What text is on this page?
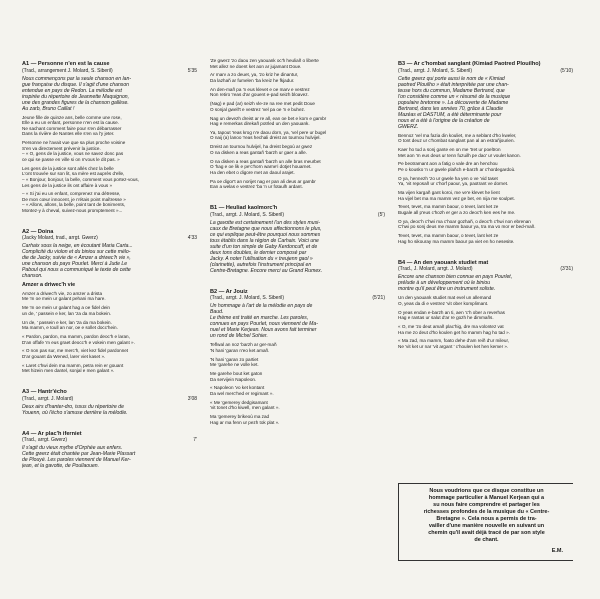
A1 — Personne n'en est la cause
5'35
(Trad., arrangement J. Molard, S. Siberil)
Nous commençons par la seule chanson en lan-
gue française du disque. Il s'agit d'une chanson
entendue en pays de Redon. La mélodie est
inspirée du répertoire de Jeannette Maquignon,
une des grandes figures de la chanson gallèse.
Au zarb, Bruno Caillat !
Jeune fille de quinze ans, belle comme une rose,
Elle a eu un enfant, personne n'en est la cause.
Ne sachant comment faire pour s'en débarrasser
Dans la rivière de Nantes elle s'en va l'y jeter.
Personne ne l'avait vue que sa plus proche voisine
S'en va directement prévenir la justice.
– « O, gens de la justice, vous ne savez donc pas
ce qui se passe en ville si on n'vous le dit pas. »
Les gens de la justice sont allés chez la belle
L'ont trouvée sur son lit, sa mère est auprès d'elle,
– « Bonjour, bonjour, la belle, comment vous portez-vous,
Les gens de la justice ils ont affaire à vous »
– « Si j'ai eu un enfant, comprenez ma détresse,
De mon cœur innocent, je n'étais point maîtresse »
– « Allons, allons, la belle, point tant de boniments,
Montez-y à cheval, suivez-nous promptement »...
A2 — Doina
4'33
(Jacky Molard, trad., arrgt. Gwerz)
Carhaix sous la neige, en écoutant Maria Carta...
Complicité du violon et du biniou sur cette mélo-
die de Jacky, suivie de « Amzer a driwec'h vie »,
une chanson du pays Pourlet. Merci à Jude Le
Paboul qui nous a communiqué le texte de cette
chanson.
Amzer a driwec'h vie
Amzer a driwec'h vie, zo amzer a drista
Me 'm oe mein ur galant pehani ma hare.
Me 'm oe mein ur galant hag a oe fidel dein
un de, ' passein e ker, lan 'za da ma bokein.
Un de, ' passein e ker, lan 'za da ma bokein.
Ma mamm, e toull an nor, oe e sollet docc'hein.
« Pardon, pardon, ma mamm, pardon deoc'h e laran,
D'an offafe 'm eus graet deocc'h e vokein men galant ».
« O non pas sur, me merc'h, viet kez fidel pardonnet
D'ar gouant da Wened, larer viet kaset ».
« Laret c'hwi dein ma mamm, petra rein er gouant
Met hizein men dantel, sonjal e men galant ».
A3 — Hantr'écho
3'08
(Trad., arrgt. J. Molard)
Deux airs d'hanter-dro, issus du répertoire de
Youenn, où l'écho s'amuse derrière la mélodie.
A4 — Ar plac'h iferniet
7'
(Trad., arrgt. Gwerz)
Il s'agit du vieux mythe d'Orphée aux enfers.
Cette gwerz était chantée par Jean-Marie Plassart
de Plouyé. Les paroles viennent de Manuel Ker-
jean, et la gavotte, de Poullaouen.
'Ze gwerz 'zo daou zen yaouank oc'h heuliañ o liberte
Met allez ne doent ket aon ar jujamant Doue.
Ar marv a zo deuet, ya, 'zo kriz he dinantur,
Da lazhañ ar fumelen 'ba kreiz he fkjadur.
An den-mañ pa 'n eus klevet e oe marv e vestrez
Non retiro 'reas d'ar gouent e-pad seizh bloavez.
(Nag) e pad (ar) seizh vle-ze na ree met pedit Doue
O sonjal gwell't e vestrez 'vel pa oe 'n e buhez.
Nag un devezh dreist ar re all, ean oe bet e kom e gambr
Hag e remerkas direkañ potrled un den yaouank.
Ya, tapout 'reas krog n'e daou dorn, ya, 'vel pere ur bugel
O naij (a) lanoo 'reas hechali dreist an tournou hulvijel.
Dreist an tournou hulvijel, ha dreist begoù ar gwez
O na disken a reas gantañ 'barzh ur gaer a alle.
O na disken a reas gantañ 'barzh un alle bras meurbet
O 'hag e oe lik e pe'c'horn warne'i dotjet houarnet.
Ha den ebet o digore met an daoul arajet.
Pa oe digor't an norijet nag er pan ali deus ar gambr
Ean a welas e vestrez 'ba 'n ur fotaulh ardant.
B1 — Heuliad kaolmorc'h
(5')
(Trad., arrgt. J. Molard, S. Siberil)
La gavotte est certainement l'un des styles musi-
caux de Bretagne que nous affectionnons le plus,
ce qui explique peut-être pourquoi nous sommes
tous établis dans la région de Carhaix. Voici une
suite d'un ton simple de Gaby Kerdoncuff, et de
deux tons doubles, le dernier composé par
Jacky. A noter l'utilisation du « treujenn gaol »
(clarinette), autrefois l'instrument principal en
Centre-Bretagne. Encore merci au Grand Rumex.
B2 — Ar Jouiz
(5'21)
(Trad., arrgt. J. Molard, S. Siberil)
Un hommage à l'art de la mélodie en pays de
Baud.
Le thème est traité en marche. Les paroles,
connues en pays Pourlet, nous viennent de Ma-
nuel et Marie Kerjean. Nous avons fait terminer
un rond de Michel Sohier.
Teflwal an noz 'barzh ar ger-mañ
'N hani 'garan n'eo ket amañ.
'N hani 'garan zo partiet
Me 'garehe ne volle ket.
Me garehe bout ket gaton
Da servijein Napoleon.
« Napoleon 'vo ket kontant
Da wel merc'hed er regimant ».
« Me 'gemerey dedgisamant
'vit tonet d'ho kiwell, men galant ».
Ma 'gemerey brikeoù ma zad
Hag ar ma fenn ur pezh tok plat ».
B3 — Ar c'hombat sanglant (Kimiad Paotred Plouilho)
(5'10)
(Trad., arrgt. J. Molard, S. Siberil)
Cette gwerz qui porte aussi le nom de « Kimiad
paotred Plouilho » était interprétée par une chan-
teuse hors du commun, Madame Bertrand, que
l'on considère comme un « résumé de la musique
populaire bretonne ». La découverte de Madame
Bertrand, dans les années 70, grâce à Claudie
Mazéas et DASTUM, a été déterminante pour
nous et a été à l'origine de la création de
GWERZ.
Bennoz 'vel ma fazia din kouliet, me a seblant d'ho kweler,
O tont deuz ur c'hombat sanglant pan al an estrañjourien.
Kaer ho tud a sonj gante en on me 'tret ur poeltron
Met aon 'm eus deus ur tenn fuzuilh pe dao' ur voulet kanon.
Pe beotramant aon a fatig o vale dre an henchou
Pe o kousko 'n ur gwele plañch e-barzh ar c'hordegardoù.
O ya, hennezh 'zo ur gwele ha yen o ve 'vid taset
Ya, 'vit reposañ ur c'horf paour, ya, paotrant ve dornet.
Ma vijen kargañ gant koroi, me ve'e klevet he lient
Ha vijel bet ma ma mamm vez ge bet, en nija me soulpet.
Tevet, tevet, ma mamm baour, o tevet, lant ket ze
Bugale all p'eus c'hozh er ger a zo deoc'h ken ees he me.
O ya, deoc'h c'hwi ma c'hoar gozhañ, o deoc'h c'hwi non ebrenan
C'hwi po sonj deus me mamm baour ya, tra ma vo mor er bed-mañ.
Tevet, tevet, ma mamm baour, o tevet, lant ket ze
Hag ho sikouray ma mamm baour pa viet en ho nesesite.
B4 — An den yaouank studiet mat
(3'31)
(Trad., J. Molard, arrgt. J. Molard)
Encore une chanson bien connue en pays Pourlet,
prélude à un développement où le biniou
montre qu'il peut être un instrument soliste.
Un den yaouank studiet mat evel un allemand
O, yeas da di e vestrez 'vit ober komplimant.
O yeas endan e-barzh an ti, aen 'c'h ober a reverhas
Hag e rantas ur salut d'ar re gozh he dimmañs.
« O, me 'zo deut amañ plac'hig, dre ma volontez vat
Ha me zo deut d'ho koulen get ho mamm hag ho tad ».
« Ma zad, ma mamm, foato dehe d'am reiñ d'ur mileur,
Ne 'vit ket ur nar 'vit argant ' c'houlen ket hen kemer ».
Nous voudrions que ce disque constitue un
hommage particulier à Manuel Kerjean qui a
su nous faire comprendre et partager les
richesses profondes de la musique du « Centre-
Bretagne ». Cela nous a permis de tra-
vailler d'une manière nouvelle en suivant un
chemin qu'il avait déjà tracé de par son style
de chant.
E.M.
